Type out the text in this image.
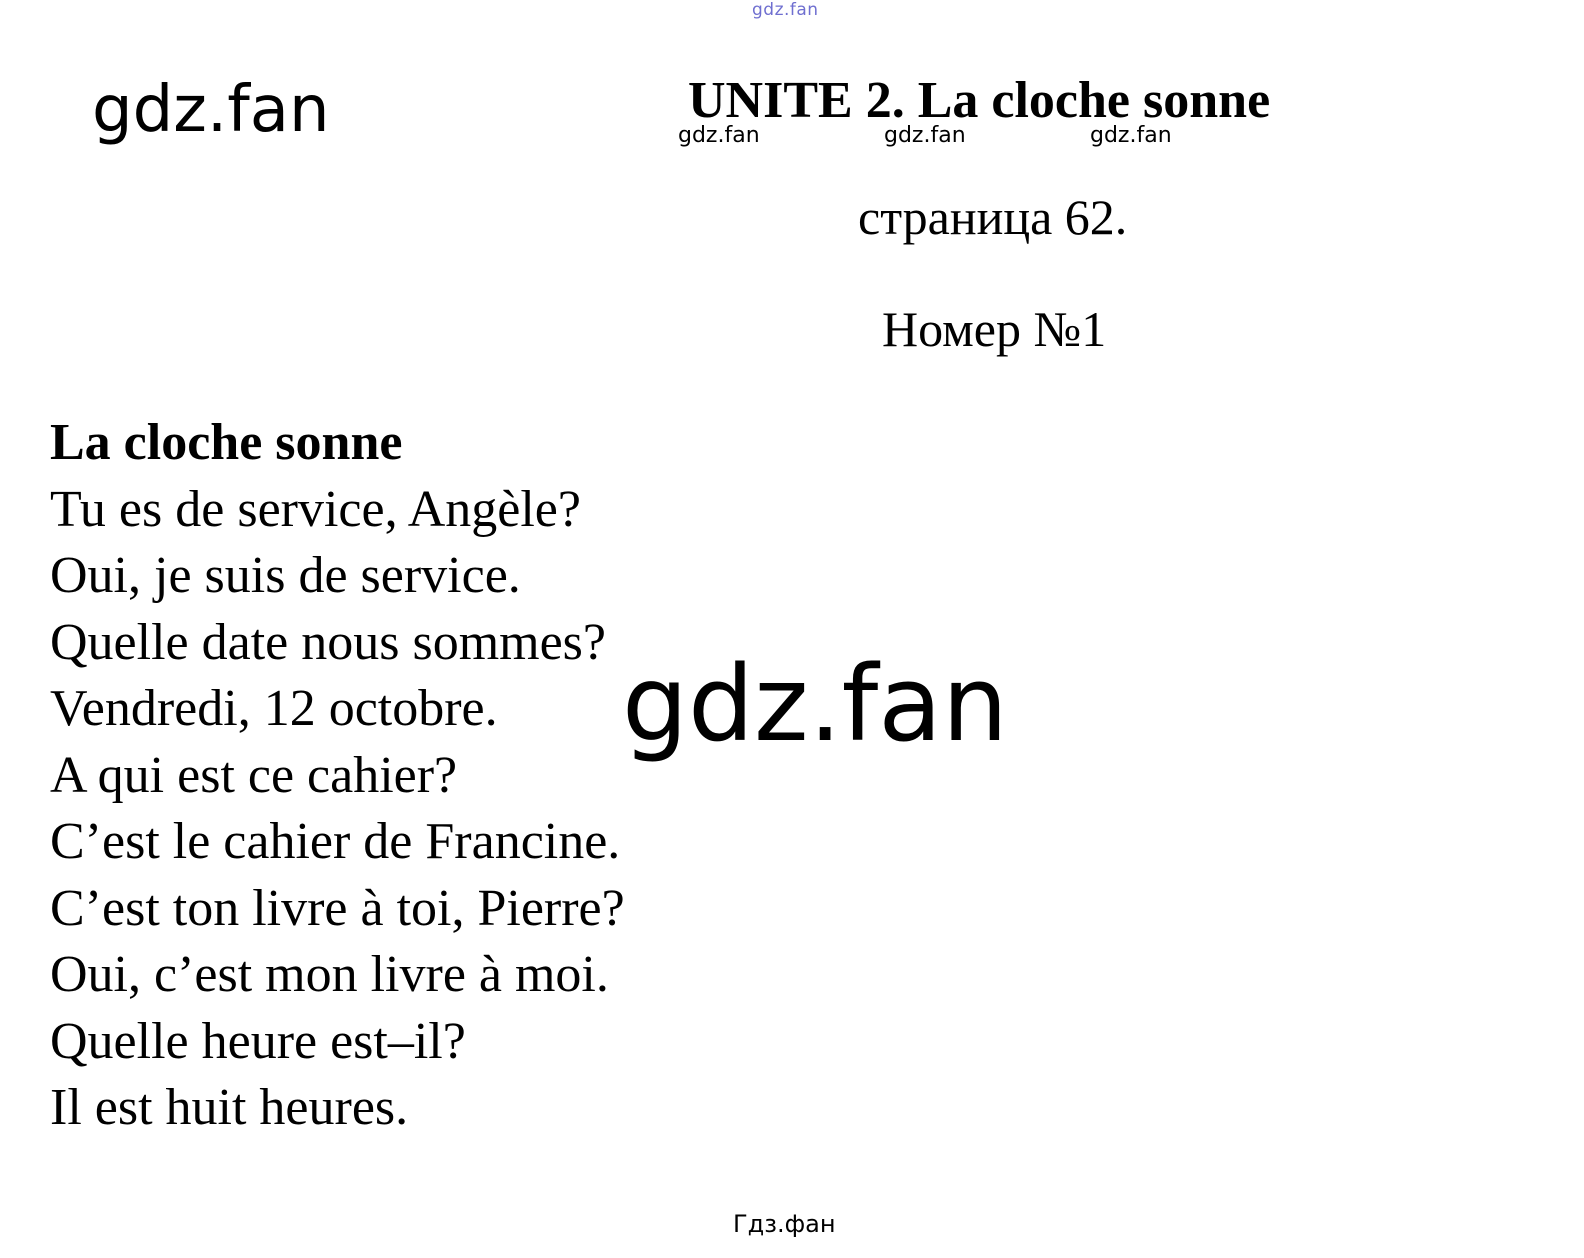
gdz.fan
gdz.fan	UNITE 2. La cloche sonne
gdz.fan	gdz.fan	gdz.fan
страница 62.
Номер №1
La cloche sonne
Tu es de service, Angèle?
Oui, je suis de service.
Quelle date nous sommes?
Vendredi, 12 octobre.
A qui est ce cahier?
C’est le cahier de Francine.
C’est ton livre à toi, Pierre?
Oui, c’est mon livre à moi.
Quelle heure est–il?
Il est huit heures.
gdz.fan
Гдз.фан
